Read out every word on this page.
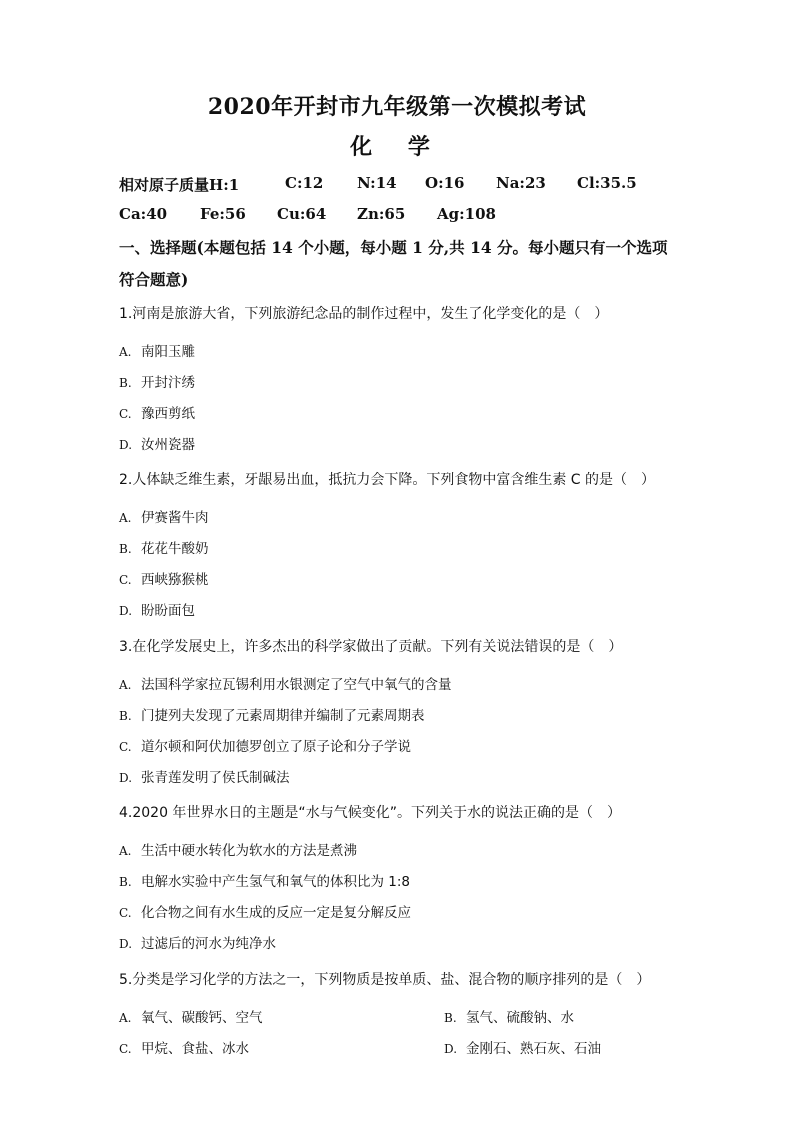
2020年开封市九年级第一次模拟考试
化 学
相对原子质量H:1	C:12 N:14 O:16 Na:23 Cl:35.5
Ca:40 Fe:56 Cu:64 Zn:65 Ag:108
一、选择题(本题包括 14 个小题，每小题 1 分,共 14 分。每小题只有一个选项符合题意)
1.河南是旅游大省，下列旅游纪念品的制作过程中，发生了化学变化的是（　）
A. 南阳玉雕
B. 开封汴绣
C. 豫西剪纸
D. 汝州瓷器
2.人体缺乏维生素，牙龈易出血，抵抗力会下降。下列食物中富含维生素 C 的是（　）
A. 伊赛酱牛肉
B. 花花牛酸奶
C. 西峡猕猴桃
D. 盼盼面包
3.在化学发展史上，许多杰出的科学家做出了贡献。下列有关说法错误的是（　）
A. 法国科学家拉瓦锡利用水银测定了空气中氧气的含量
B. 门捷列夫发现了元素周期律并编制了元素周期表
C. 道尔顿和阿伏加德罗创立了原子论和分子学说
D. 张青莲发明了侯氏制碱法
4.2020 年世界水日的主题是“水与气候变化”。下列关于水的说法正确的是（　）
A. 生活中硬水转化为软水的方法是煮沸
B. 电解水实验中产生氢气和氧气的体积比为 1:8
C. 化合物之间有水生成的反应一定是复分解反应
D. 过滤后的河水为纯净水
5.分类是学习化学的方法之一，下列物质是按单质、盐、混合物的顺序排列的是（　）
A. 氧气、碳酸钙、空气	B. 氢气、硫酸钠、水
C. 甲烷、食盐、冰水	D. 金刚石、熟石灰、石油
